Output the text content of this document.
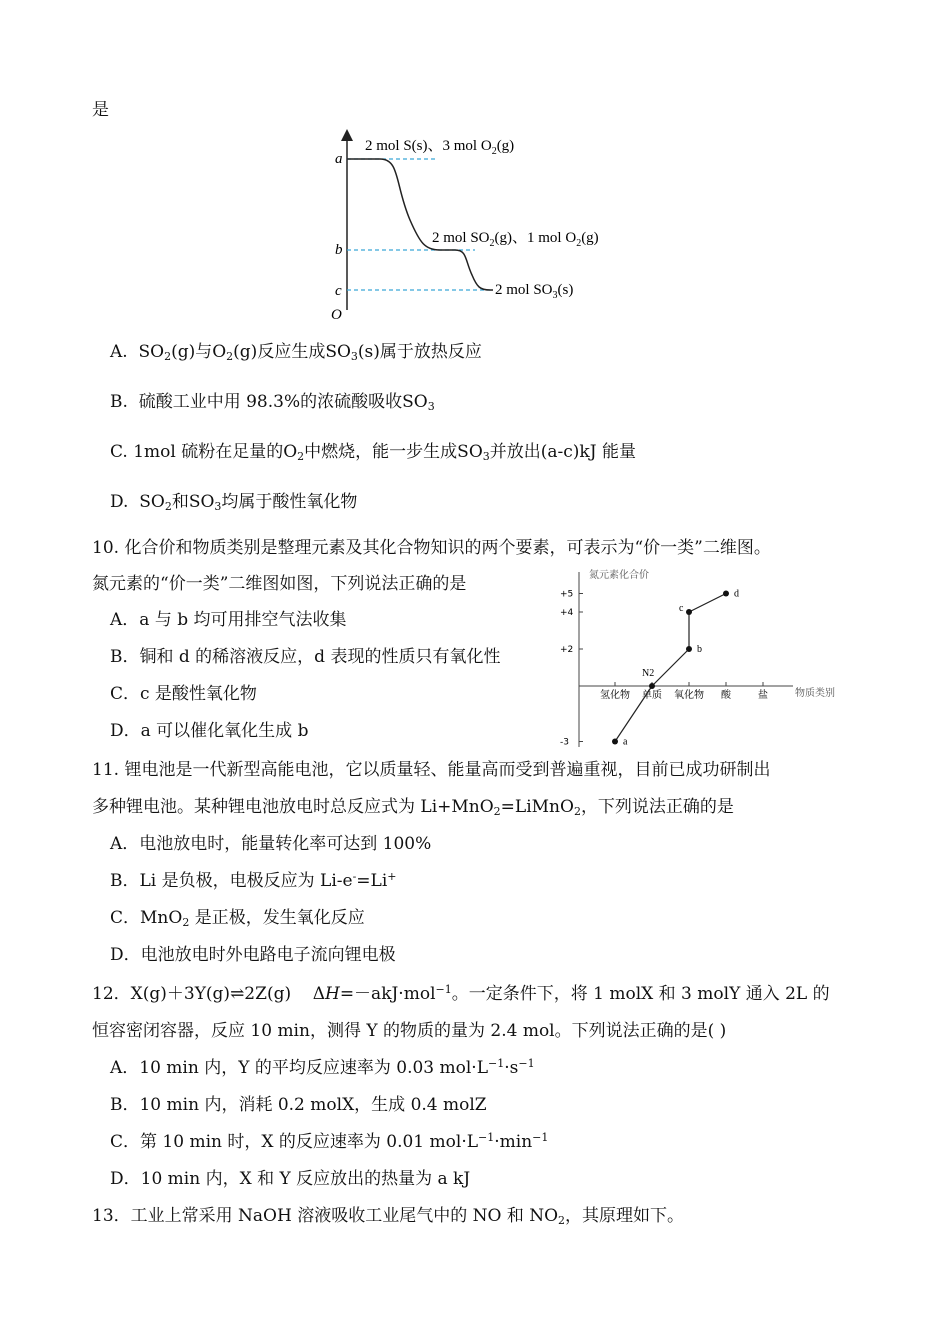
是
a
b
c
O
2 mol S(s)、3 mol $O_2(g)$
2 mol $SO_2(g)$、1 mol $O_2(g)$
2 mol $SO_3(s)$
A.  $SO_2(g)$与$O_2(g)$反应生成$SO_3(s)$属于放热反应
B.  硫酸工业中用 98.3%的浓硫酸吸收$SO_3$
C. 1mol 硫粉在足量的$O_2$中燃烧，能一步生成$SO_3$并放出(a-c)kJ 能量
D.  $SO_2$和$SO_3$均属于酸性氧化物
10. 化合价和物质类别是整理元素及其化合物知识的两个要素，可表示为“价一类”二维图。
氮元素的“价一类”二维图如图，下列说法正确的是
A．a 与 b 均可用排空气法收集
B．铜和 d 的稀溶液反应，d 表现的性质只有氧化性
C．c 是酸性氧化物
D．a 可以催化氧化生成 b
氮元素化合价
物质类别
+5
+4
+2
-3
氢化物 单质 氧化物 酸	盐
a
N2
b
c
d
11. 锂电池是一代新型高能电池，它以质量轻、能量高而受到普遍重视，目前已成功研制出
多种锂电池。某种锂电池放电时总反应式为 Li+MnO$_2$=LiMnO$_2$，下列说法正确的是
A．电池放电时，能量转化率可达到 100%
B．Li 是负极，电极反应为 Li-e-=Li+
C．MnO$_2$ 是正极，发生氧化反应
D．电池放电时外电路电子流向锂电极
12．X(g)＋3Y(g)⇌2Z(g)    ΔH=－akJ·mol$^{-1}$。一定条件下，将 1 molX 和 3 molY 通入 2L 的
恒容密闭容器，反应 10 min，测得 Y 的物质的量为 2.4 mol。下列说法正确的是( )
A．10 min 内，Y 的平均反应速率为 0.03 $mol\cdot L^{-1}\cdot s^{-1}$
B．10 min 内，消耗 0.2 molX，生成 0.4 molZ
C．第 10 min 时，X 的反应速率为 0.01 $mol\cdot L^{-1}\cdot\min^{-1}$
D．10 min 内，X 和 Y 反应放出的热量为 a kJ
13．工业上常采用 NaOH 溶液吸收工业尾气中的 NO 和 $NO_2$，其原理如下。
